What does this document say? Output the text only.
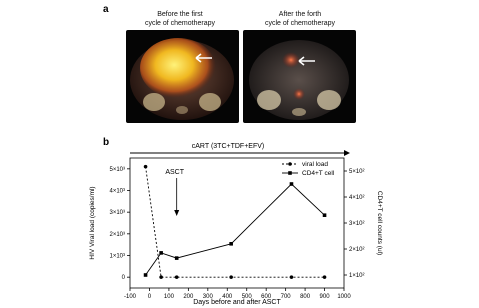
a	Before the first
cycle of chemotherapy
After the forth
cycle of chemotherapy
b	cART (3TC+TDF+EFV)
-100 0 100 200 300 400 500 600 700 800 900 1000
0
1×10³
2×10³
3×10³
4×10³
5×10³
1×10²
2×10²
3×10²
4×10²
5×10²
ASCT
viral load
CD4+T cell
Days before and after ASCT
HIV Viral load (copies/ml)	CD4+T cell counts (ul)
